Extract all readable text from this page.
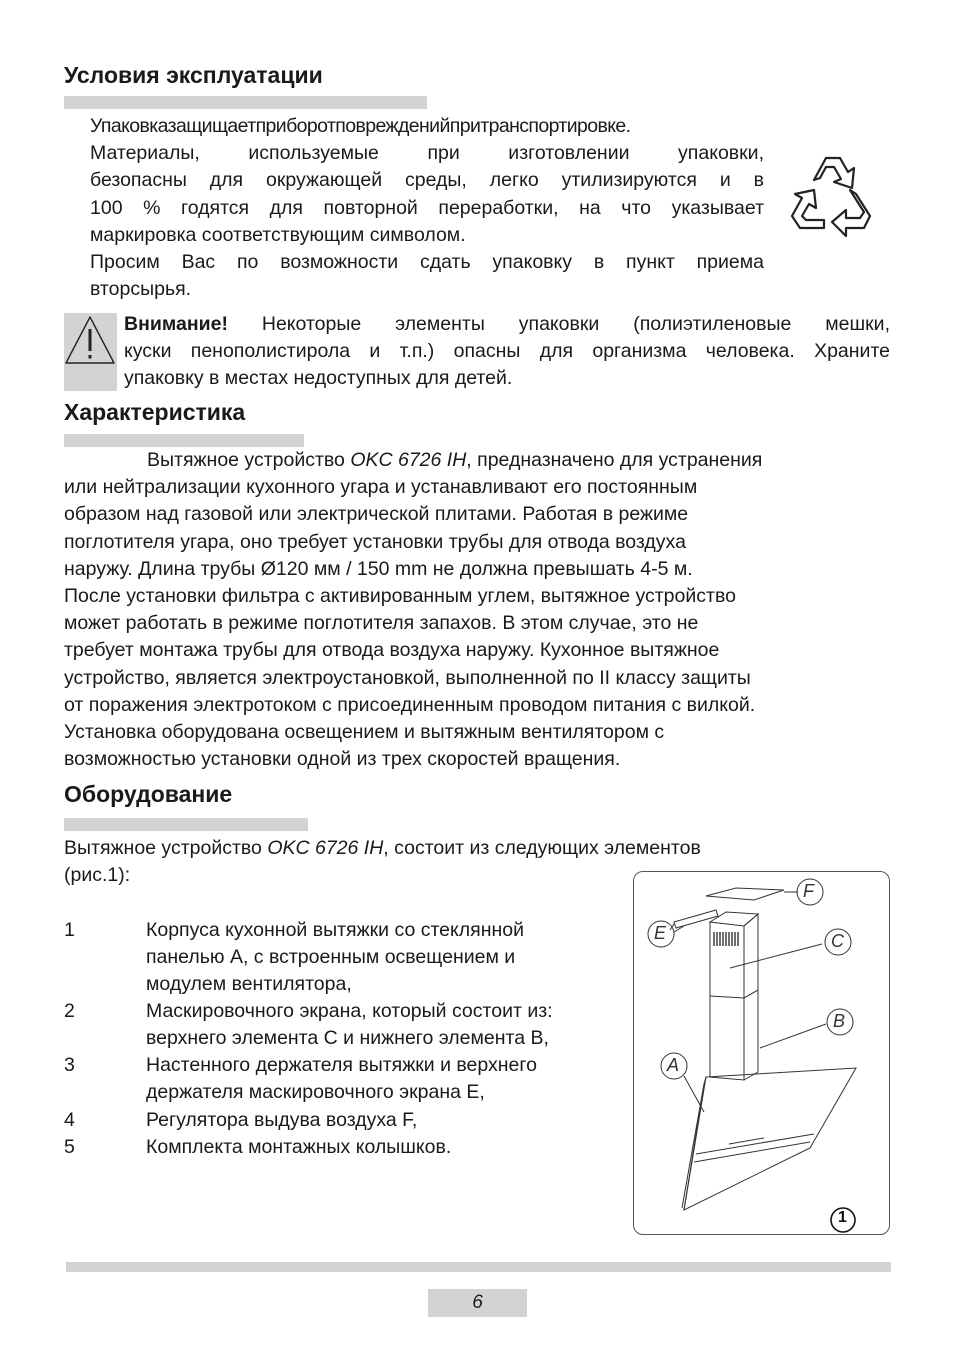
Условия эксплуатации
Упаковказащищаетприборотповрежденийпритранспортировке.
Материалы, используемые при изготовлении упаковки,
безопасны для окружающей среды, легко утилизируются и в
100 % годятся для повторной переработки, на что указывает
маркировка соответствующим символом.
Просим Вас по возможности сдать упаковку в пункт приема
вторсырья.
Внимание! Некоторые элементы упаковки (полиэтиленовые мешки,
куски пенополистирола и т.п.) опасны для организма человека. Храните
упаковку в местах недоступных для детей.
Характеристика
Вытяжное устройство OKC 6726 IH, предназначено для устранения
или нейтрализации кухонного угара и устанавливают его постоянным
образом над газовой или электрической плитами. Работая в режиме
поглотителя угара, оно требует установки трубы для отвода воздуха
наружу. Длина трубы Ø120 мм / 150 mm не должна превышать 4-5 м.
После установки фильтра с активированным углем, вытяжное устройство
может работать в режиме поглотителя запахов. В этом случае, это не
требует монтажа трубы для отвода воздуха наружу. Кухонное вытяжное
устройство, является электроустановкой, выполненной по II классу защиты
от поражения электротоком с присоединенным проводом питания с вилкой.
Установка оборудована освещением и вытяжным вентилятором с
возможностью установки одной из трех скоростей вращения.
Оборудование
Вытяжное устройство OKC 6726 IH, состоит из следующих элементов
(рис.1):
1	Корпуса кухонной вытяжки со стеклянной
панелью A, с встроенным освещением и
модулем вентилятора,
2	Маскировочного экрана, который состоит из:
верхнего элемента C и нижнего элемента B,
3	Настенного держателя вытяжки и верхнего
держателя маскировочного экрана E,
4	Регулятора выдува воздуха F,
5	Комплекта монтажных колышков.
F
E	C
B
A
1
6
